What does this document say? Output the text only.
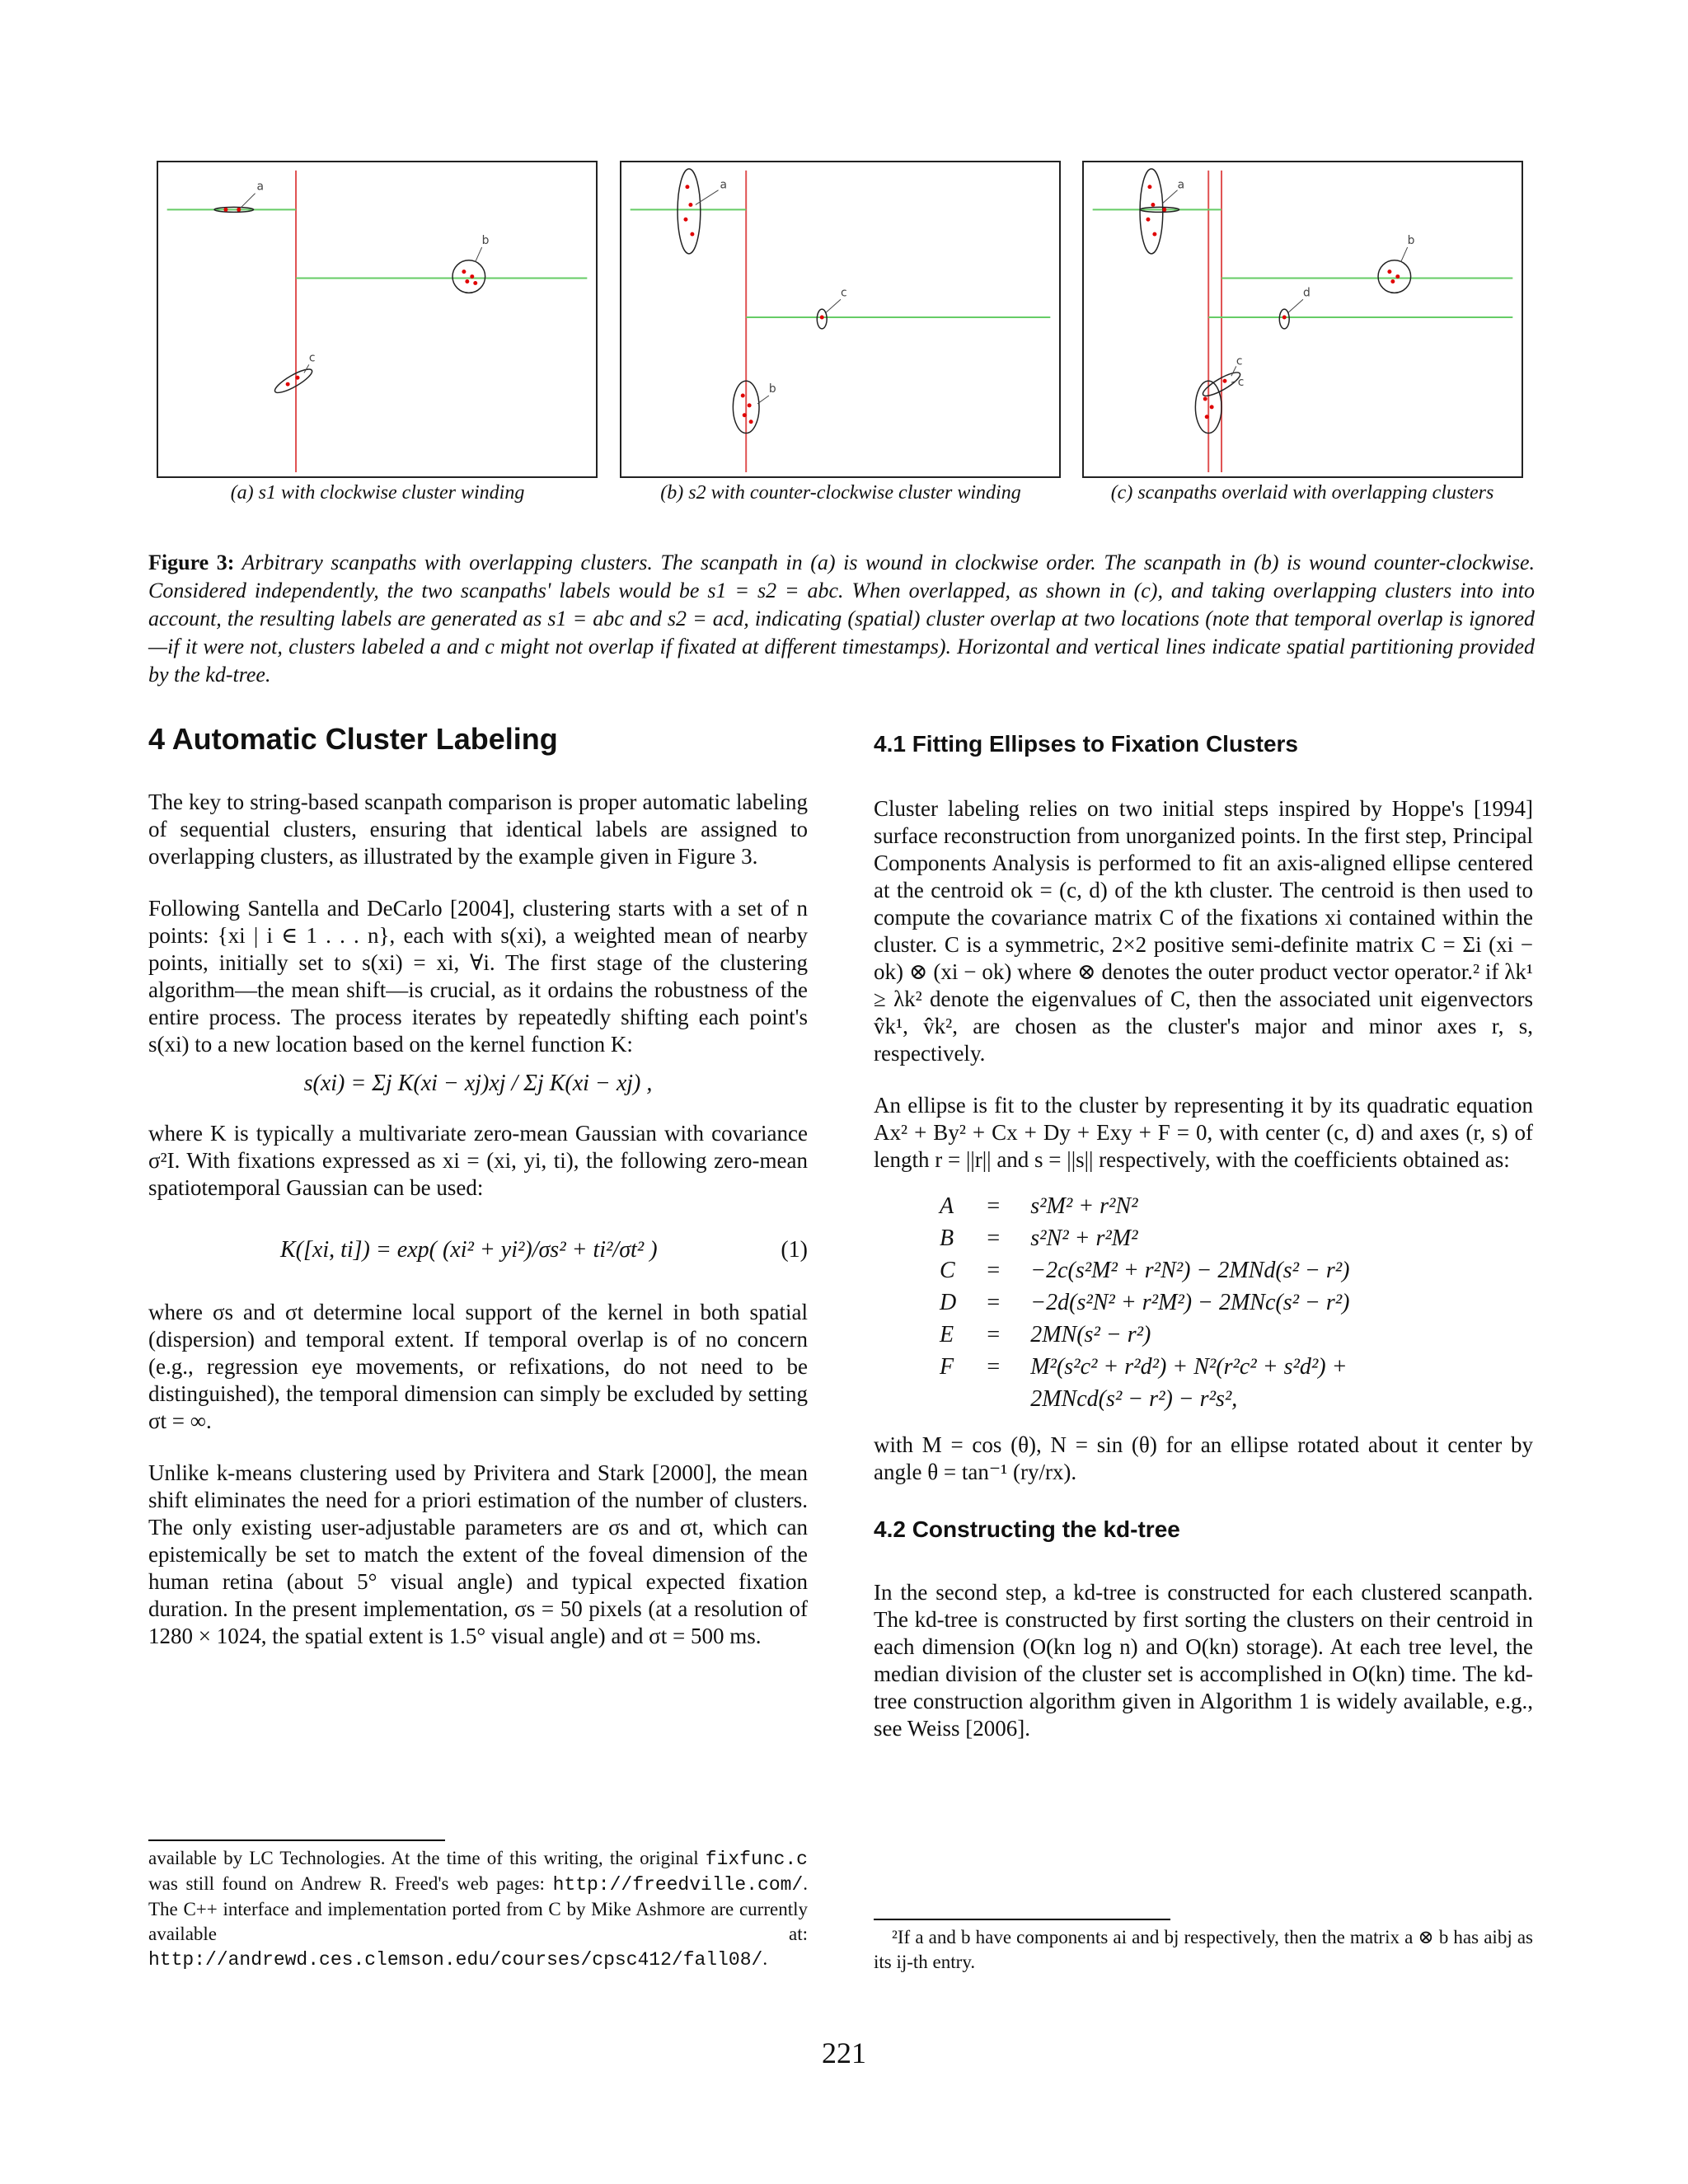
a
b
c
a
c
b
a
b
d
c
c
(a) s1 with clockwise cluster winding	(b) s2 with counter-clockwise cluster winding	(c) scanpaths overlaid with overlapping clusters
Figure 3: Arbitrary scanpaths with overlapping clusters. The scanpath in (a) is wound in clockwise order. The scanpath in (b) is wound counter-clockwise. Considered independently, the two scanpaths' labels would be s1 = s2 = abc. When overlapped, as shown in (c), and taking overlapping clusters into into account, the resulting labels are generated as s1 = abc and s2 = acd, indicating (spatial) cluster overlap at two locations (note that temporal overlap is ignored—if it were not, clusters labeled a and c might not overlap if fixated at different timestamps). Horizontal and vertical lines indicate spatial partitioning provided by the kd-tree.
4 Automatic Cluster Labeling

The key to string-based scanpath comparison is proper automatic labeling of sequential clusters, ensuring that identical labels are assigned to overlapping clusters, as illustrated by the example given in Figure 3.

Following Santella and DeCarlo [2004], clustering starts with a set of n points: {xi | i ∈ 1 . . . n}, each with s(xi), a weighted mean of nearby points, initially set to s(xi) = xi, ∀i. The first stage of the clustering algorithm—the mean shift—is crucial, as it ordains the robustness of the entire process. The process iterates by repeatedly shifting each point's s(xi) to a new location based on the kernel function K:

s(xi) = Σj K(xi − xj)xj / Σj K(xi − xj) ,

where K is typically a multivariate zero-mean Gaussian with covariance σ²I. With fixations expressed as xi = (xi, yi, ti), the following zero-mean spatiotemporal Gaussian can be used:

K([xi, ti]) = exp( (xi² + yi²)/σs² + ti²/σt² )	(1)

where σs and σt determine local support of the kernel in both spatial (dispersion) and temporal extent. If temporal overlap is of no concern (e.g., regression eye movements, or refixations, do not need to be distinguished), the temporal dimension can simply be excluded by setting σt = ∞.

Unlike k-means clustering used by Privitera and Stark [2000], the mean shift eliminates the need for a priori estimation of the number of clusters. The only existing user-adjustable parameters are σs and σt, which can epistemically be set to match the extent of the foveal dimension of the human retina (about 5° visual angle) and typical expected fixation duration. In the present implementation, σs = 50 pixels (at a resolution of 1280 × 1024, the spatial extent is 1.5° visual angle) and σt = 500 ms.

available by LC Technologies. At the time of this writing, the original fixfunc.c was still found on Andrew R. Freed's web pages: http://freedville.com/. The C++ interface and implementation ported from C by Mike Ashmore are currently available at: http://andrewd.ces.clemson.edu/courses/cpsc412/fall08/.
4.1 Fitting Ellipses to Fixation Clusters

Cluster labeling relies on two initial steps inspired by Hoppe's [1994] surface reconstruction from unorganized points. In the first step, Principal Components Analysis is performed to fit an axis-aligned ellipse centered at the centroid ok = (c, d) of the kth cluster. The centroid is then used to compute the covariance matrix C of the fixations xi contained within the cluster. C is a symmetric, 2×2 positive semi-definite matrix C = Σi (xi − ok) ⊗ (xi − ok) where ⊗ denotes the outer product vector operator.² if λk¹ ≥ λk² denote the eigenvalues of C, then the associated unit eigenvectors v̂k¹, v̂k², are chosen as the cluster's major and minor axes r, s, respectively.

An ellipse is fit to the cluster by representing it by its quadratic equation Ax² + By² + Cx + Dy + Exy + F = 0, with center (c, d) and axes (r, s) of length r = ||r|| and s = ||s|| respectively, with the coefficients obtained as:

A	=	s²M² + r²N²
B	=	s²N² + r²M²
C	=	−2c(s²M² + r²N²) − 2MNd(s² − r²)
D	=	−2d(s²N² + r²M²) − 2MNc(s² − r²)
E	=	2MN(s² − r²)
F	=	M²(s²c² + r²d²) + N²(r²c² + s²d²) +
		2MNcd(s² − r²) − r²s²,

with M = cos (θ), N = sin (θ) for an ellipse rotated about it center by angle θ = tan⁻¹ (ry/rx).

4.2 Constructing the kd-tree

In the second step, a kd-tree is constructed for each clustered scanpath. The kd-tree is constructed by first sorting the clusters on their centroid in each dimension (O(kn log n) and O(kn) storage). At each tree level, the median division of the cluster set is accomplished in O(kn) time. The kd-tree construction algorithm given in Algorithm 1 is widely available, e.g., see Weiss [2006].

²If a and b have components ai and bj respectively, then the matrix a ⊗ b has aibj as its ij-th entry.
221
